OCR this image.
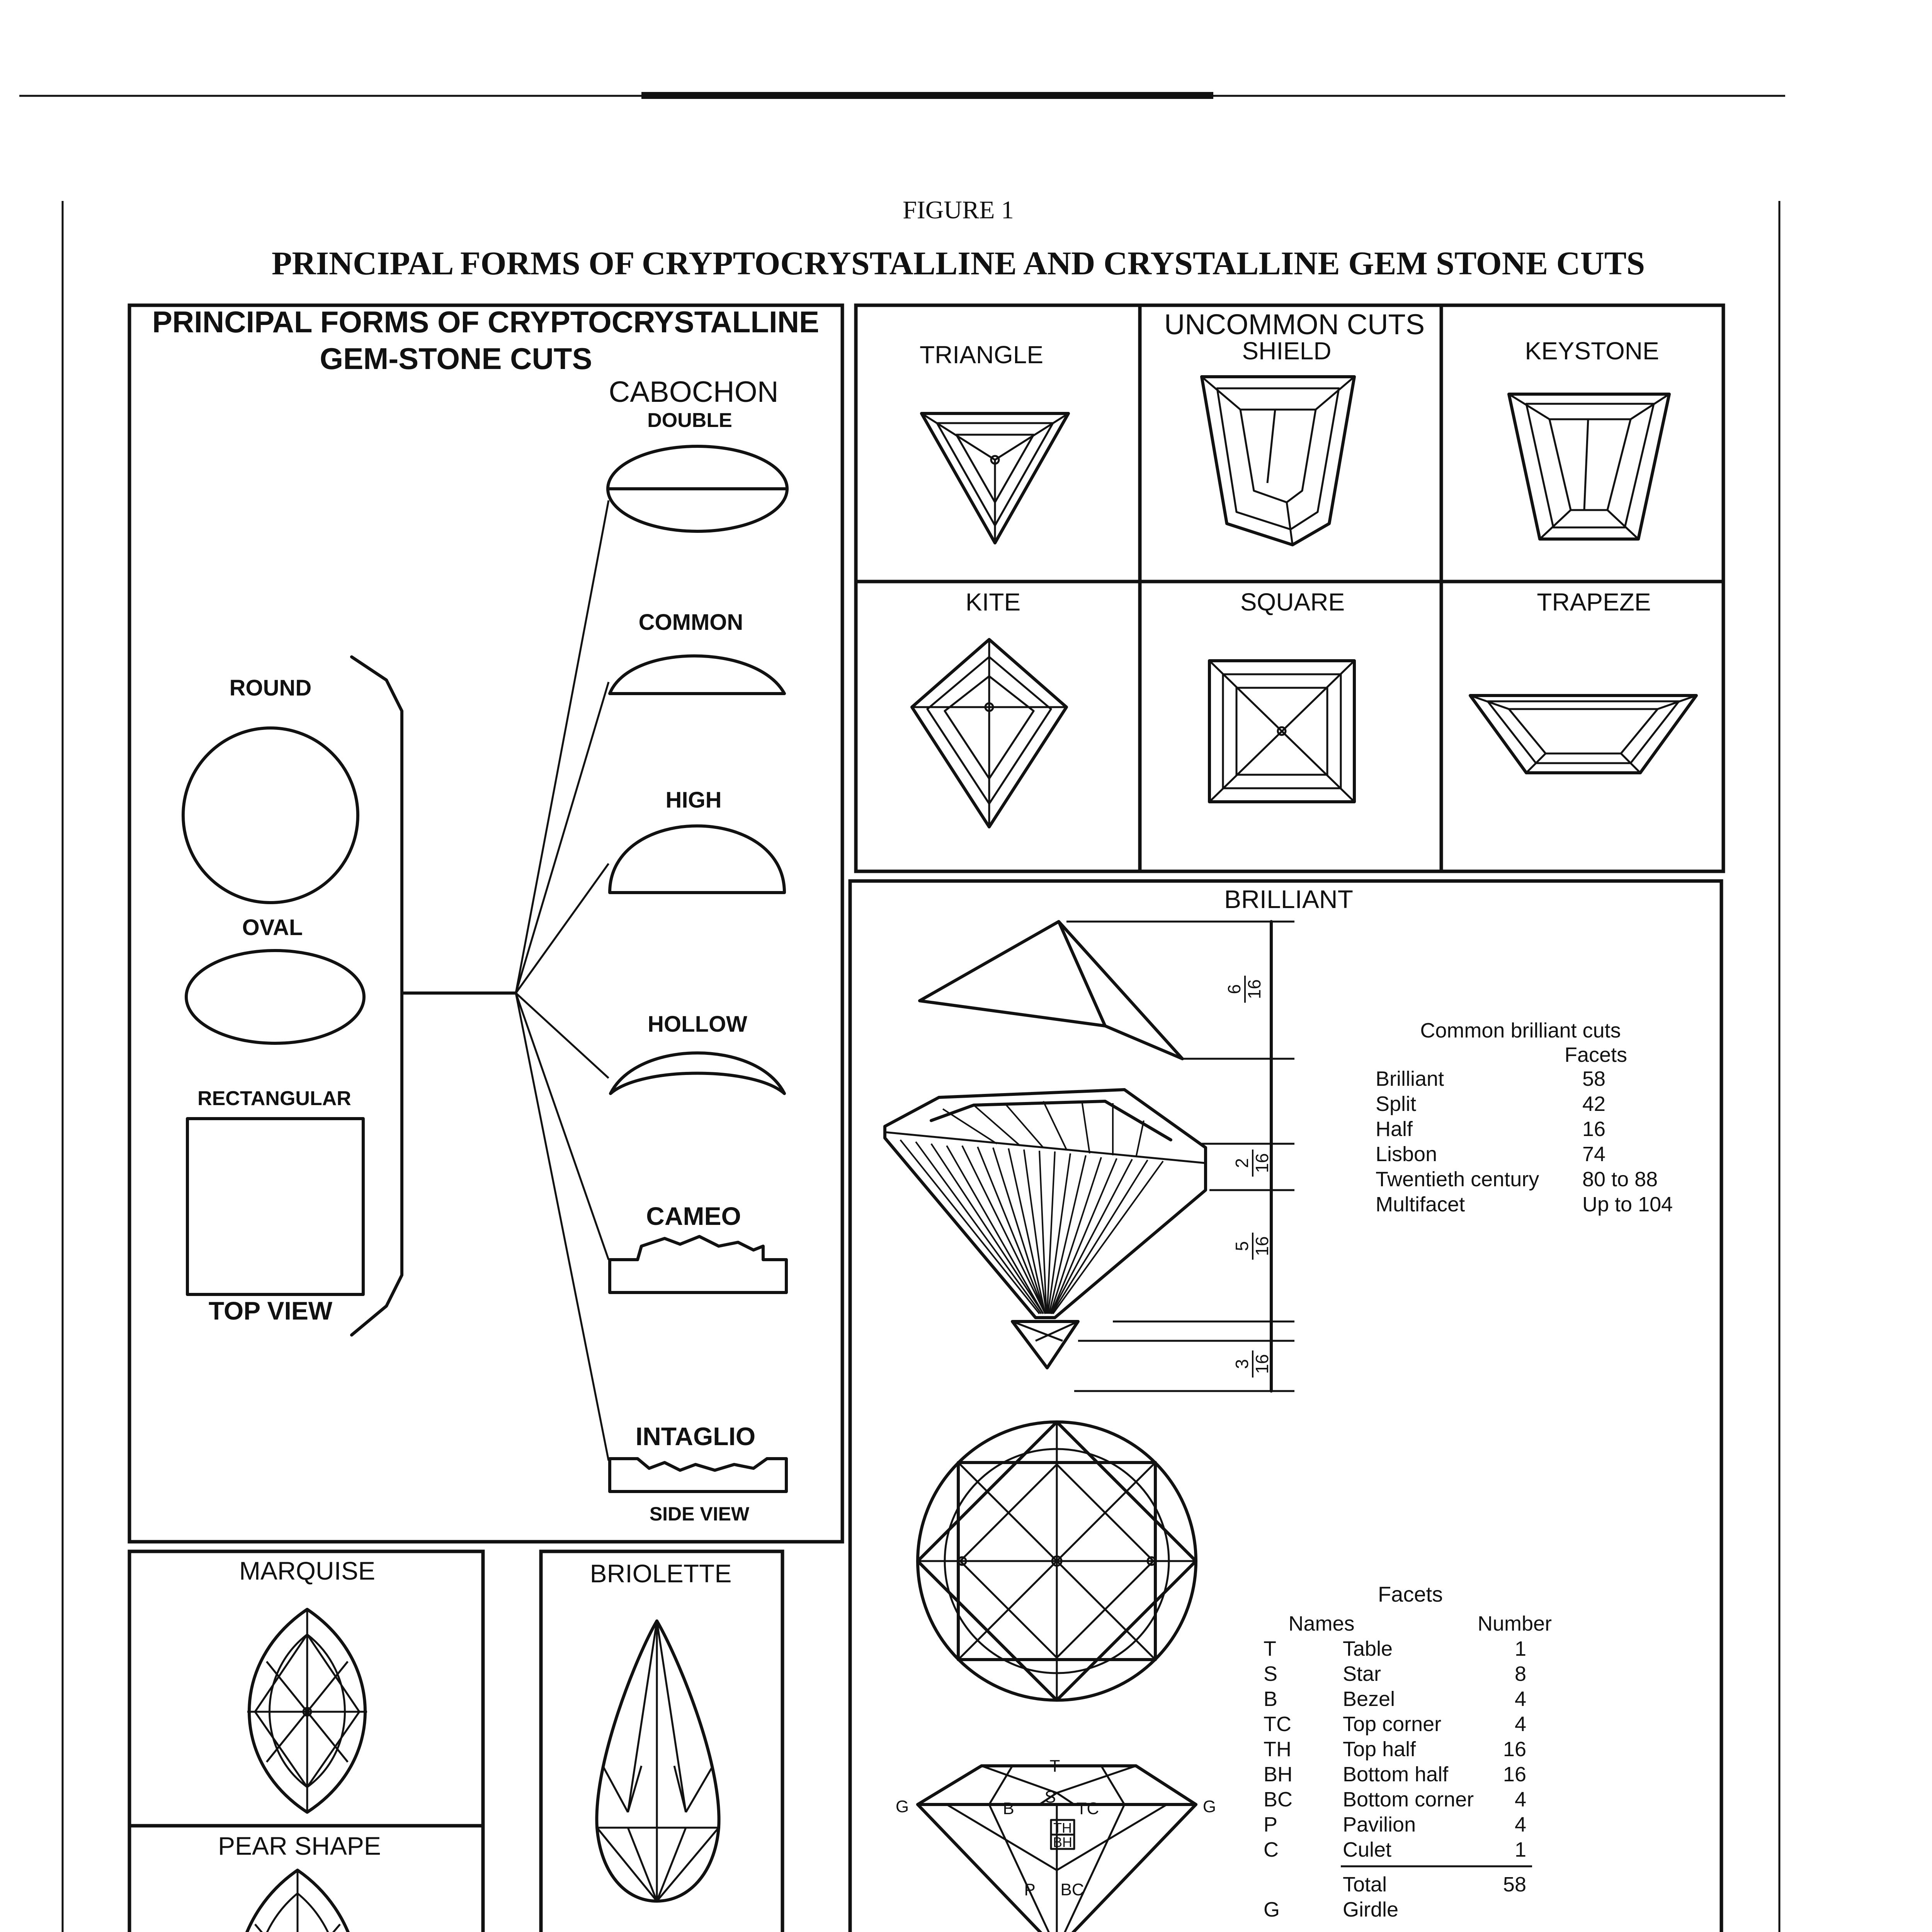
FIGURE 1
PRINCIPAL FORMS OF CRYPTOCRYSTALLINE AND CRYSTALLINE GEM STONE CUTS
PRINCIPAL FORMS OF CRYPTOCRYSTALLINE
GEM-STONE CUTS
CABOCHON
DOUBLE
ROUND
OVAL
RECTANGULAR
TOP VIEW
COMMON
HIGH
HOLLOW
CAMEO
INTAGLIO
SIDE VIEW
UNCOMMON CUTS
TRIANGLE	SHIELD	KEYSTONE
KITE	SQUARE	TRAPEZE
BRILLIANT
6 16
2 16
5 16
3 16
Common brilliant cuts
Facets
Brilliant	58
Split	42
Half	16
Lisbon	74
Twentieth century 80 to 88
Multifacet	Up to 104
T
S
B	TC
TH
BH
P BC
G	G
Facets
Names	Number
T	Table	1
S	Star	8
B	Bezel	4
TC Top corner	4
TH Top half	16
BH Bottom half	16
BC Bottom corner 4
P	Pavilion	4
C	Culet	1
Total	58
G	Girdle
MARQUISE
PEAR SHAPE
BRIOLETTE
